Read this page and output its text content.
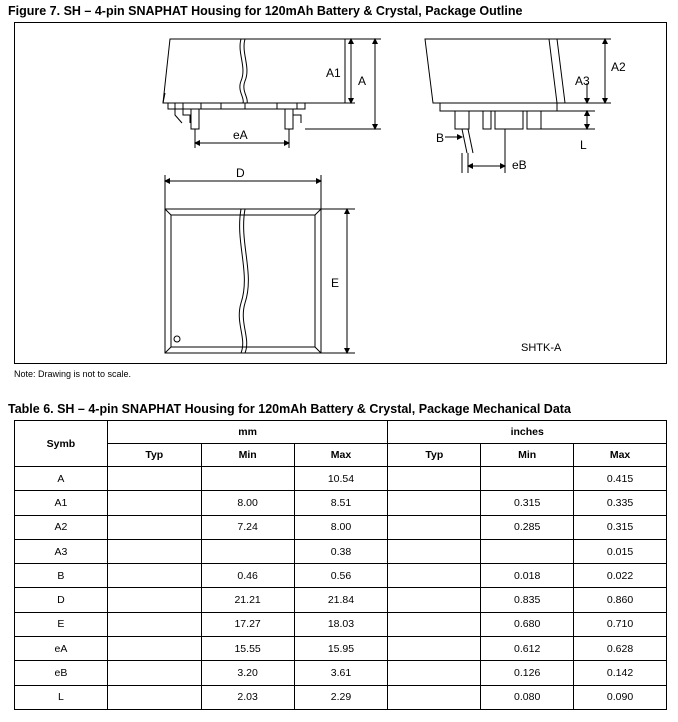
Figure 7. SH – 4-pin SNAPHAT Housing for 120mAh Battery & Crystal, Package Outline
A1
A
eA
A2
A3
B
eB
L
D
E
SHTK-A
Note: Drawing is not to scale.
Table 6. SH – 4-pin SNAPHAT Housing for 120mAh Battery & Crystal, Package Mechanical Data
Symb	mm			inches		
	Typ	Min	Max	Typ	Min	Max
A			10.54			0.415
A1		8.00	8.51		0.315	0.335
A2		7.24	8.00		0.285	0.315
A3			0.38			0.015
B		0.46	0.56		0.018	0.022
D		21.21	21.84		0.835	0.860
E		17.27	18.03		0.680	0.710
eA		15.55	15.95		0.612	0.628
eB		3.20	3.61		0.126	0.142
L		2.03	2.29		0.080	0.090
